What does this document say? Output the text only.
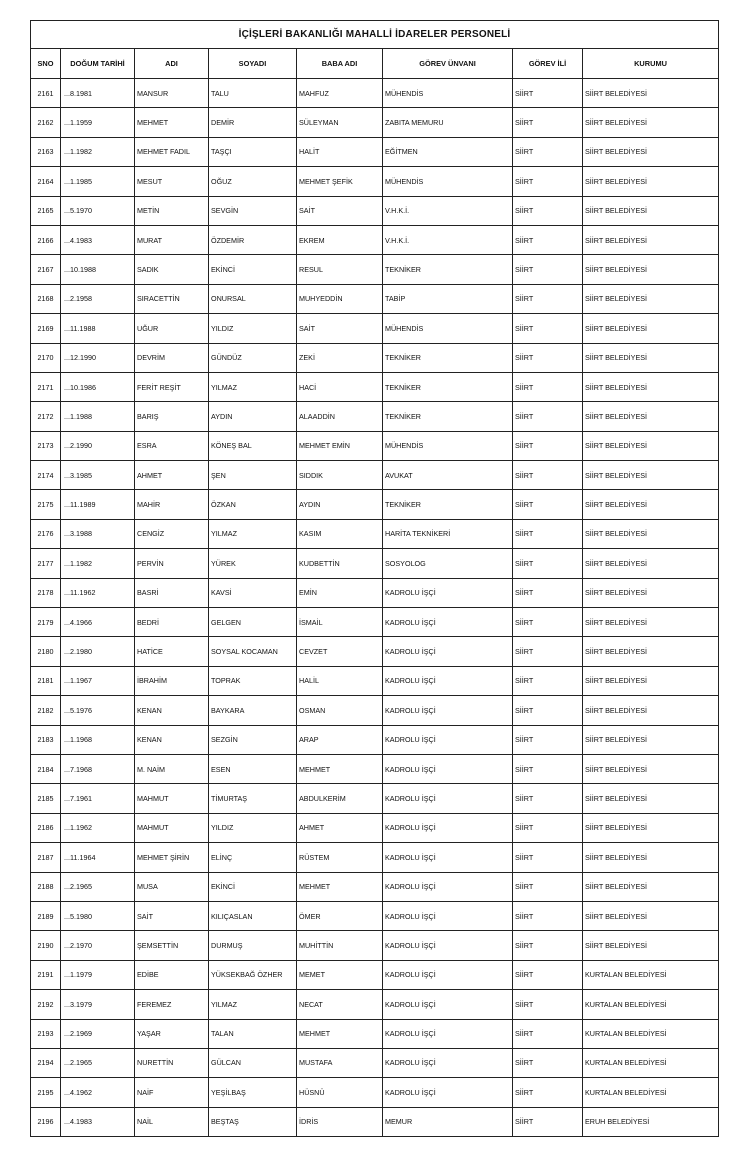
İÇİŞLERİ BAKANLIĞI MAHALLİ İDARELER PERSONELİ							
SNO	DOĞUM TARİHİ	ADI	SOYADI	BABA ADI	GÖREV ÜNVANI	GÖREV İLİ	KURUMU
2161	...8.1981	MANSUR	TALU	MAHFUZ	MÜHENDİS	SİİRT	SİİRT BELEDİYESİ
2162	...1.1959	MEHMET	DEMİR	SÜLEYMAN	ZABITA MEMURU	SİİRT	SİİRT BELEDİYESİ
2163	...1.1982	MEHMET FADIL	TAŞÇI	HALİT	EĞİTMEN	SİİRT	SİİRT BELEDİYESİ
2164	...1.1985	MESUT	OĞUZ	MEHMET ŞEFİK	MÜHENDİS	SİİRT	SİİRT BELEDİYESİ
2165	...5.1970	METİN	SEVGİN	SAİT	V.H.K.İ.	SİİRT	SİİRT BELEDİYESİ
2166	...4.1983	MURAT	ÖZDEMİR	EKREM	V.H.K.İ.	SİİRT	SİİRT BELEDİYESİ
2167	...10.1988	SADIK	EKİNCİ	RESUL	TEKNİKER	SİİRT	SİİRT BELEDİYESİ
2168	...2.1958	SIRACETTİN	ONURSAL	MUHYEDDİN	TABİP	SİİRT	SİİRT BELEDİYESİ
2169	...11.1988	UĞUR	YILDIZ	SAİT	MÜHENDİS	SİİRT	SİİRT BELEDİYESİ
2170	...12.1990	DEVRİM	GÜNDÜZ	ZEKİ	TEKNİKER	SİİRT	SİİRT BELEDİYESİ
2171	...10.1986	FERİT REŞİT	YILMAZ	HACİ	TEKNİKER	SİİRT	SİİRT BELEDİYESİ
2172	...1.1988	BARIŞ	AYDIN	ALAADDİN	TEKNİKER	SİİRT	SİİRT BELEDİYESİ
2173	...2.1990	ESRA	KÖNEŞ BAL	MEHMET EMİN	MÜHENDİS	SİİRT	SİİRT BELEDİYESİ
2174	...3.1985	AHMET	ŞEN	SIDDIK	AVUKAT	SİİRT	SİİRT BELEDİYESİ
2175	...11.1989	MAHİR	ÖZKAN	AYDIN	TEKNİKER	SİİRT	SİİRT BELEDİYESİ
2176	...3.1988	CENGİZ	YILMAZ	KASIM	HARİTA TEKNİKERİ	SİİRT	SİİRT BELEDİYESİ
2177	...1.1982	PERVİN	YÜREK	KUDBETTİN	SOSYOLOG	SİİRT	SİİRT BELEDİYESİ
2178	...11.1962	BASRİ	KAVSİ	EMİN	KADROLU İŞÇİ	SİİRT	SİİRT BELEDİYESİ
2179	...4.1966	BEDRİ	GELGEN	İSMAİL	KADROLU İŞÇİ	SİİRT	SİİRT BELEDİYESİ
2180	...2.1980	HATİCE	SOYSAL KOCAMAN	CEVZET	KADROLU İŞÇİ	SİİRT	SİİRT BELEDİYESİ
2181	...1.1967	İBRAHİM	TOPRAK	HALİL	KADROLU İŞÇİ	SİİRT	SİİRT BELEDİYESİ
2182	...5.1976	KENAN	BAYKARA	OSMAN	KADROLU İŞÇİ	SİİRT	SİİRT BELEDİYESİ
2183	...1.1968	KENAN	SEZGİN	ARAP	KADROLU İŞÇİ	SİİRT	SİİRT BELEDİYESİ
2184	...7.1968	M. NAİM	ESEN	MEHMET	KADROLU İŞÇİ	SİİRT	SİİRT BELEDİYESİ
2185	...7.1961	MAHMUT	TİMURTAŞ	ABDULKERİM	KADROLU İŞÇİ	SİİRT	SİİRT BELEDİYESİ
2186	...1.1962	MAHMUT	YILDIZ	AHMET	KADROLU İŞÇİ	SİİRT	SİİRT BELEDİYESİ
2187	...11.1964	MEHMET ŞİRİN	ELİNÇ	RÜSTEM	KADROLU İŞÇİ	SİİRT	SİİRT BELEDİYESİ
2188	...2.1965	MUSA	EKİNCİ	MEHMET	KADROLU İŞÇİ	SİİRT	SİİRT BELEDİYESİ
2189	...5.1980	SAİT	KILIÇASLAN	ÖMER	KADROLU İŞÇİ	SİİRT	SİİRT BELEDİYESİ
2190	...2.1970	ŞEMSETTİN	DURMUŞ	MUHİTTİN	KADROLU İŞÇİ	SİİRT	SİİRT BELEDİYESİ
2191	...1.1979	EDİBE	YÜKSEKBAĞ ÖZHER	MEMET	KADROLU İŞÇİ	SİİRT	KURTALAN BELEDİYESİ
2192	...3.1979	FEREMEZ	YILMAZ	NECAT	KADROLU İŞÇİ	SİİRT	KURTALAN BELEDİYESİ
2193	...2.1969	YAŞAR	TALAN	MEHMET	KADROLU İŞÇİ	SİİRT	KURTALAN BELEDİYESİ
2194	...2.1965	NURETTİN	GÜLCAN	MUSTAFA	KADROLU İŞÇİ	SİİRT	KURTALAN BELEDİYESİ
2195	...4.1962	NAİF	YEŞİLBAŞ	HÜSNÜ	KADROLU İŞÇİ	SİİRT	KURTALAN BELEDİYESİ
2196	...4.1983	NAİL	BEŞTAŞ	İDRİS	MEMUR	SİİRT	ERUH BELEDİYESİ
